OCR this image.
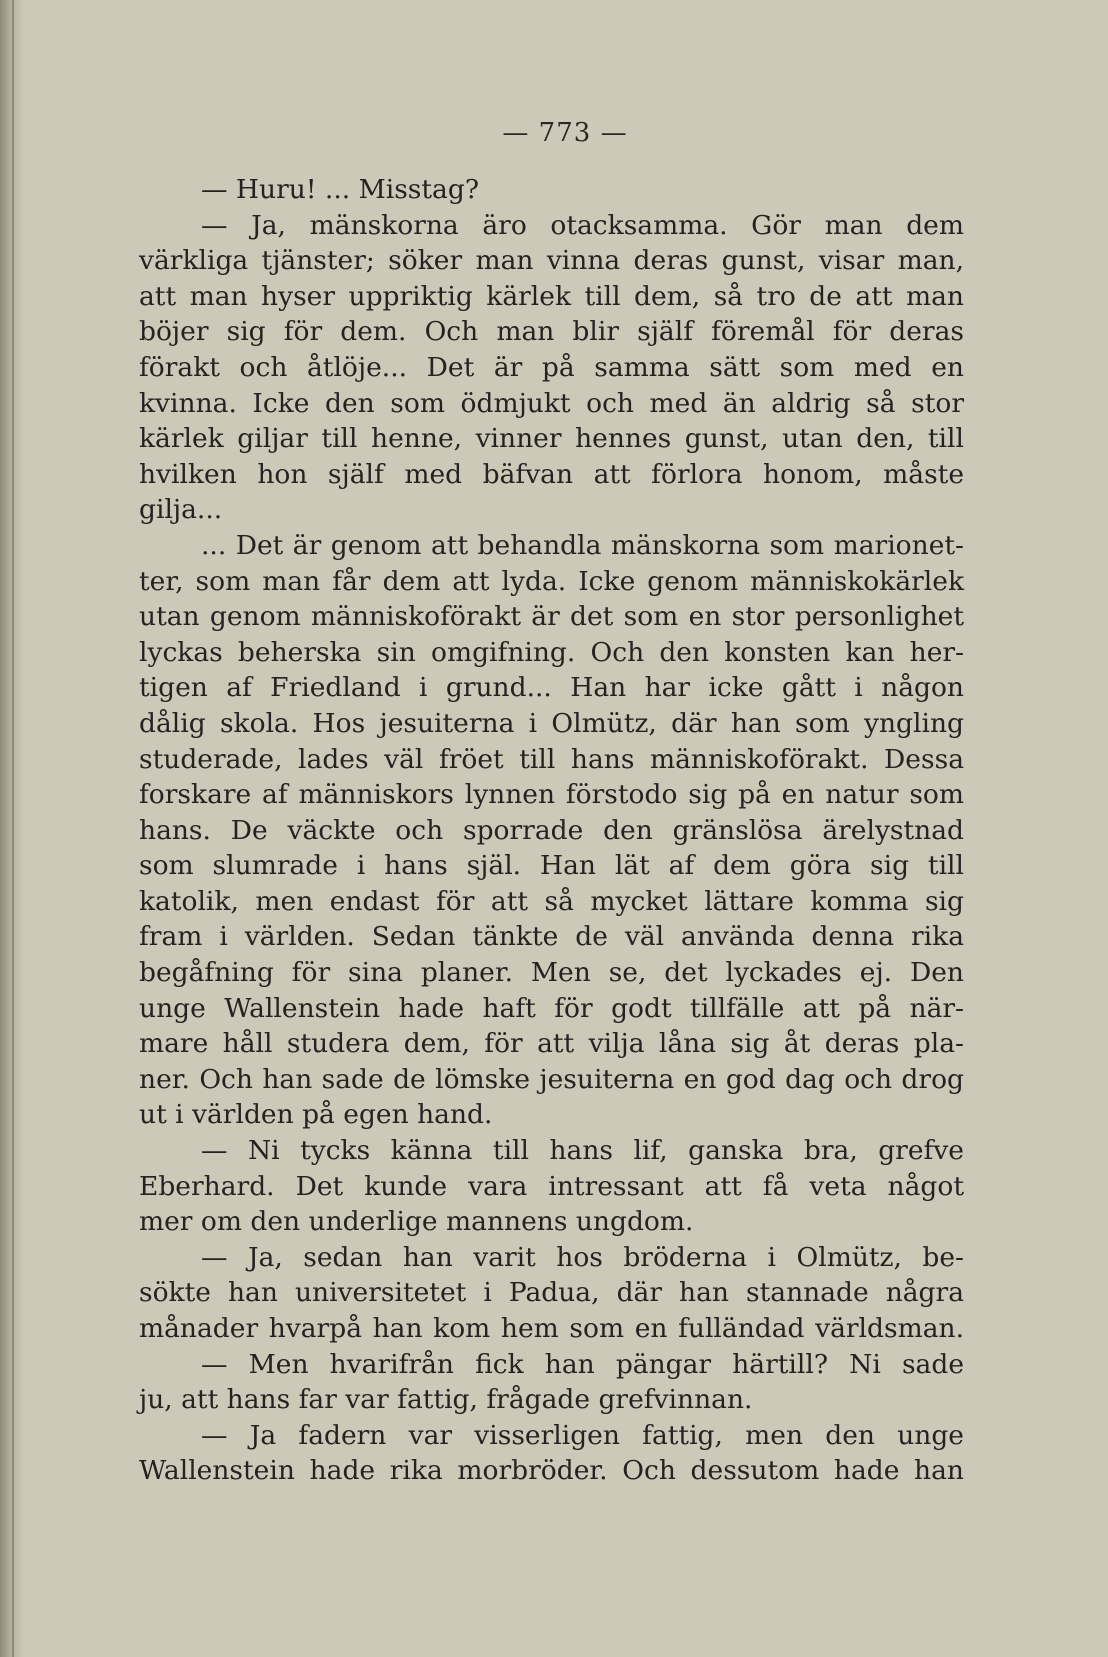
— 773 —
— Huru! ... Misstag?
— Ja, mänskorna äro otacksamma. Gör man dem
värkliga tjänster; söker man vinna deras gunst, visar man,
att man hyser uppriktig kärlek till dem, så tro de att man
böjer sig för dem. Och man blir själf föremål för deras
förakt och åtlöje... Det är på samma sätt som med en
kvinna. Icke den som ödmjukt och med än aldrig så stor
kärlek giljar till henne, vinner hennes gunst, utan den, till
hvilken hon själf med bäfvan att förlora honom, måste
gilja...
... Det är genom att behandla mänskorna som marionet-
ter, som man får dem att lyda. Icke genom människokärlek
utan genom människoförakt är det som en stor personlighet
lyckas beherska sin omgifning. Och den konsten kan her-
tigen af Friedland i grund... Han har icke gått i någon
dålig skola. Hos jesuiterna i Olmütz, där han som yngling
studerade, lades väl fröet till hans människoförakt. Dessa
forskare af människors lynnen förstodo sig på en natur som
hans. De väckte och sporrade den gränslösa ärelystnad
som slumrade i hans själ. Han lät af dem göra sig till
katolik, men endast för att så mycket lättare komma sig
fram i världen. Sedan tänkte de väl använda denna rika
begåfning för sina planer. Men se, det lyckades ej. Den
unge Wallenstein hade haft för godt tillfälle att på när-
mare håll studera dem, för att vilja låna sig åt deras pla-
ner. Och han sade de lömske jesuiterna en god dag och drog
ut i världen på egen hand.
— Ni tycks känna till hans lif, ganska bra, grefve
Eberhard. Det kunde vara intressant att få veta något
mer om den underlige mannens ungdom.
— Ja, sedan han varit hos bröderna i Olmütz, be-
sökte han universitetet i Padua, där han stannade några
månader hvarpå han kom hem som en fulländad världsman.
— Men hvarifrån fick han pängar härtill? Ni sade
ju, att hans far var fattig, frågade grefvinnan.
— Ja fadern var visserligen fattig, men den unge
Wallenstein hade rika morbröder. Och dessutom hade han
